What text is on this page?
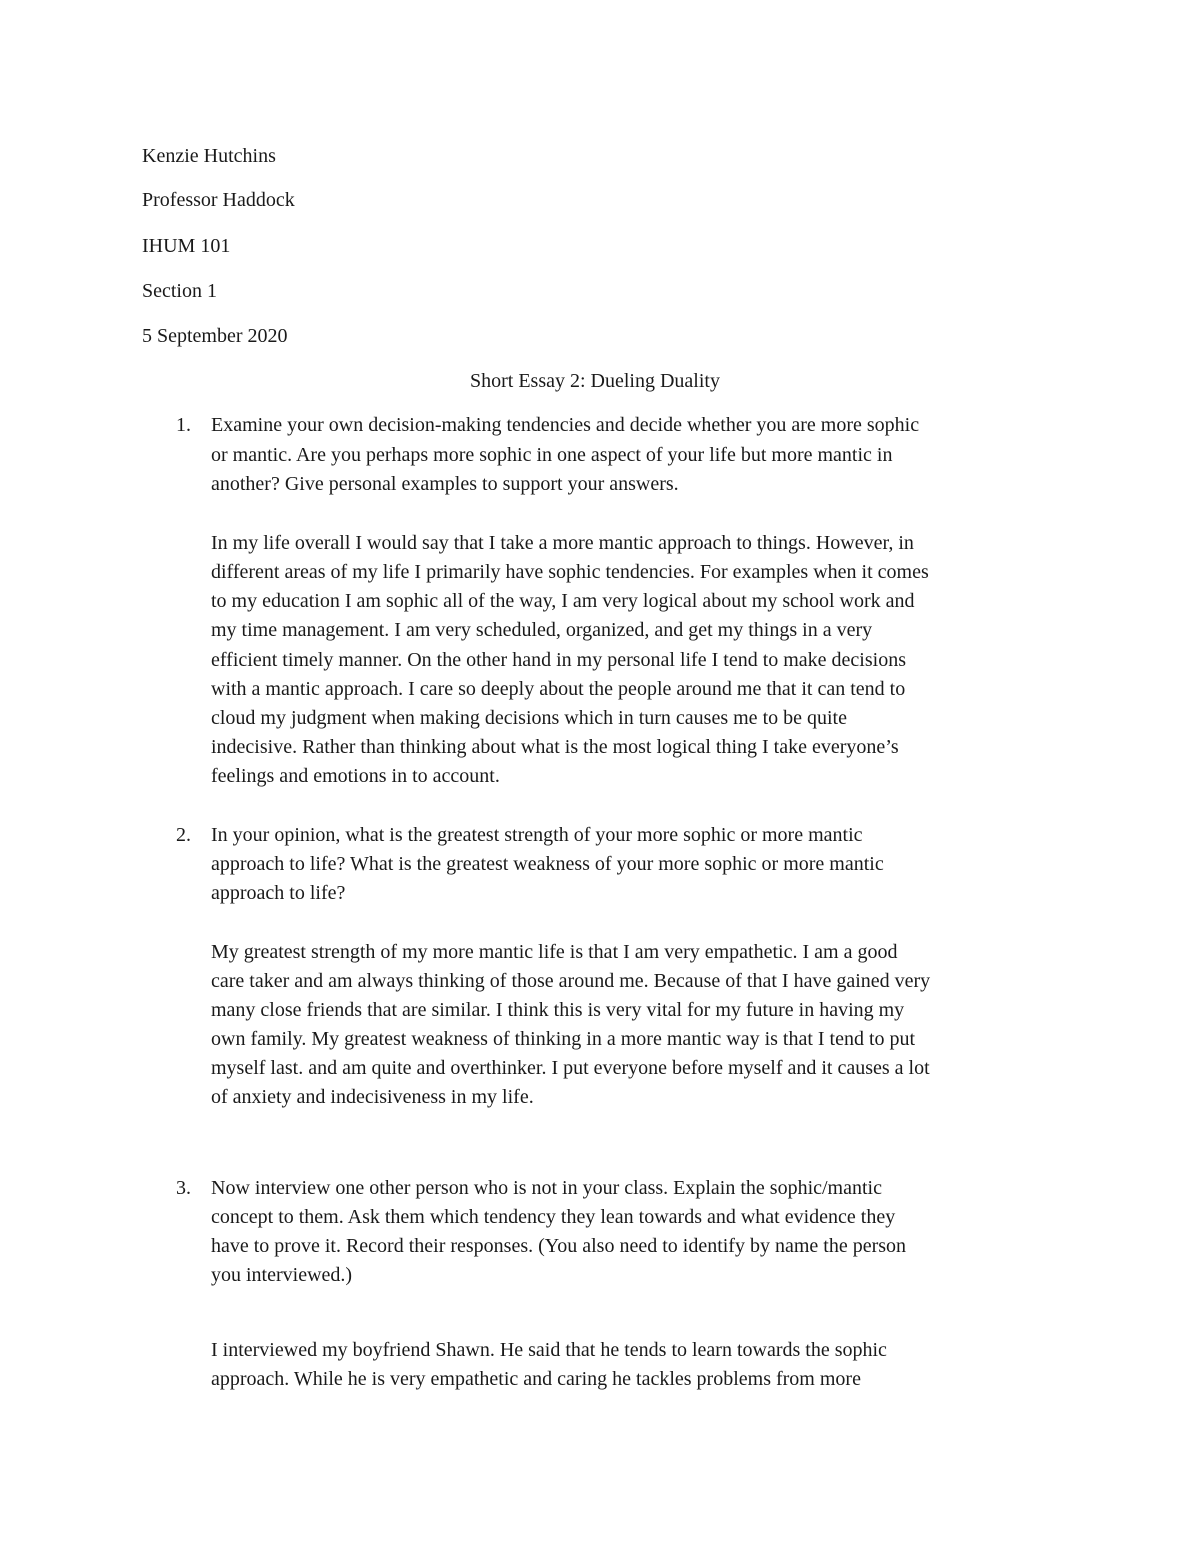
Kenzie Hutchins

Professor Haddock

IHUM 101

Section 1

5 September 2020

Short Essay 2: Dueling Duality

1. Examine your own decision-making tendencies and decide whether you are more sophic

or mantic. Are you perhaps more sophic in one aspect of your life but more mantic in

another? Give personal examples to support your answers.

In my life overall I would say that I take a more mantic approach to things. However, in

different areas of my life I primarily have sophic tendencies. For examples when it comes

to my education I am sophic all of the way, I am very logical about my school work and

my time management. I am very scheduled, organized, and get my things in a very

efficient timely manner. On the other hand in my personal life I tend to make decisions

with a mantic approach. I care so deeply about the people around me that it can tend to

cloud my judgment when making decisions which in turn causes me to be quite

indecisive. Rather than thinking about what is the most logical thing I take everyone’s

feelings and emotions in to account.

2. In your opinion, what is the greatest strength of your more sophic or more mantic

approach to life? What is the greatest weakness of your more sophic or more mantic

approach to life?

My greatest strength of my more mantic life is that I am very empathetic. I am a good

care taker and am always thinking of those around me. Because of that I have gained very

many close friends that are similar. I think this is very vital for my future in having my

own family. My greatest weakness of thinking in a more mantic way is that I tend to put

myself last. and am quite and overthinker. I put everyone before myself and it causes a lot

of anxiety and indecisiveness in my life.

3. Now interview one other person who is not in your class. Explain the sophic/mantic

concept to them. Ask them which tendency they lean towards and what evidence they

have to prove it. Record their responses. (You also need to identify by name the person

you interviewed.)

I interviewed my boyfriend Shawn. He said that he tends to learn towards the sophic

approach. While he is very empathetic and caring he tackles problems from more
